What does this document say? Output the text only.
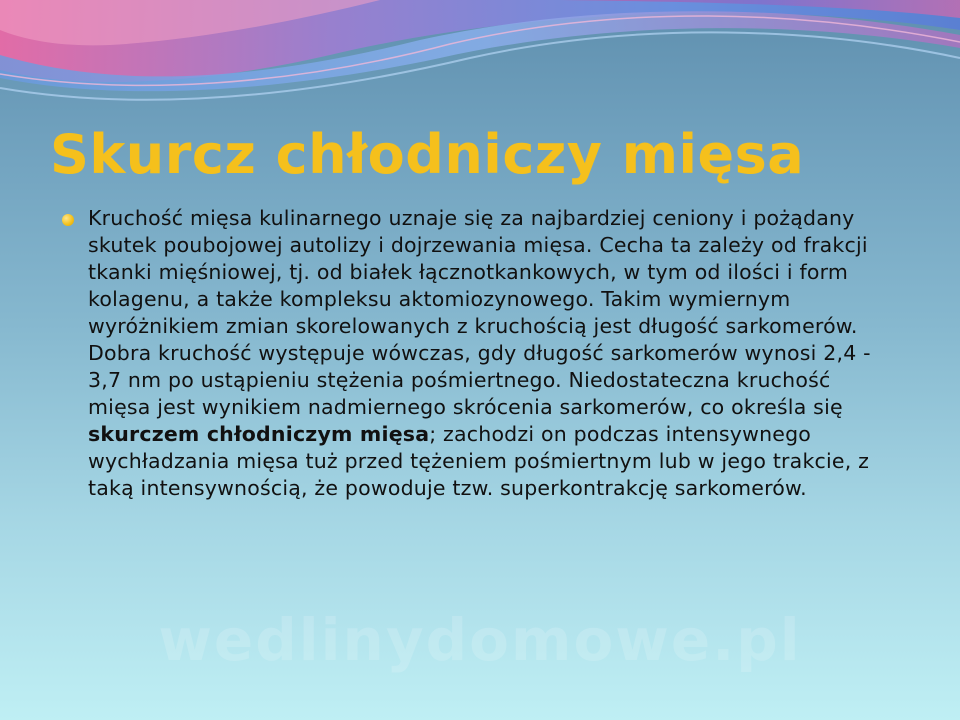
Skurcz chłodniczy mięsa

Kruchość mięsa kulinarnego uznaje się za najbardziej ceniony i pożądany skutek poubojowej autolizy i dojrzewania mięsa. Cecha ta zależy od frakcji tkanki mięśniowej, tj. od białek łącznotkankowych, w tym od ilości i form kolagenu, a także kompleksu aktomiozynowego. Takim wymiernym wyróżnikiem zmian skorelowanych z kruchością jest długość sarkomerów. Dobra kruchość występuje wówczas, gdy długość sarkomerów wynosi 2,4 - 3,7 nm po ustąpieniu stężenia pośmiertnego. Niedostateczna kruchość mięsa jest wynikiem nadmiernego skrócenia sarkomerów, co określa się skurczem chłodniczym mięsa; zachodzi on podczas intensywnego wychładzania mięsa tuż przed tężeniem pośmiertnym lub w jego trakcie, z taką intensywnością, że powoduje tzw. superkontrakcję sarkomerów.

wedlinydomowe.pl
